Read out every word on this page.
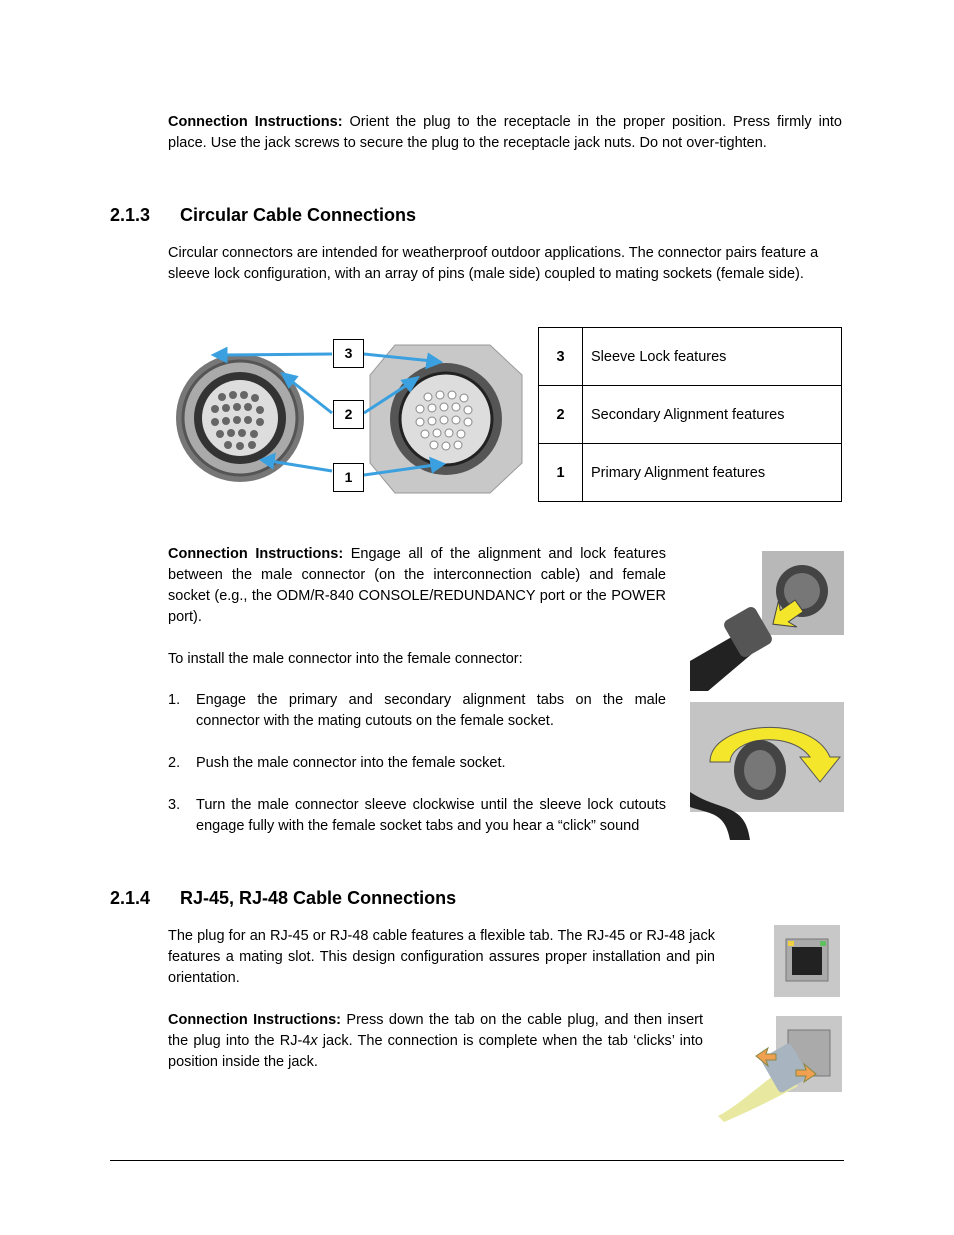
Connection Instructions: Orient the plug to the receptacle in the proper position. Press firmly into place. Use the jack screws to secure the plug to the receptacle jack nuts. Do not over-tighten.
2.1.3 Circular Cable Connections
Circular connectors are intended for weatherproof outdoor applications. The connector pairs feature a sleeve lock configuration, with an array of pins (male side) coupled to mating sockets (female side).
3
2
1
3	Sleeve Lock features
2	Secondary Alignment features
1	Primary Alignment features
Connection Instructions: Engage all of the alignment and lock features between the male connector (on the interconnection cable) and female socket (e.g., the ODM/R-840 CONSOLE/REDUNDANCY port or the POWER port).
To install the male connector into the female connector:
1. Engage the primary and secondary alignment tabs on the male connector with the mating cutouts on the female socket.
2. Push the male connector into the female socket.
3. Turn the male connector sleeve clockwise until the sleeve lock cutouts engage fully with the female socket tabs and you hear a “click” sound
2.1.4 RJ-45, RJ-48 Cable Connections
The plug for an RJ-45 or RJ-48 cable features a flexible tab. The RJ-45 or RJ-48 jack features a mating slot. This design configuration assures proper installation and pin orientation.
Connection Instructions: Press down the tab on the cable plug, and then insert the plug into the RJ-4x jack. The connection is complete when the tab ‘clicks’ into position inside the jack.
